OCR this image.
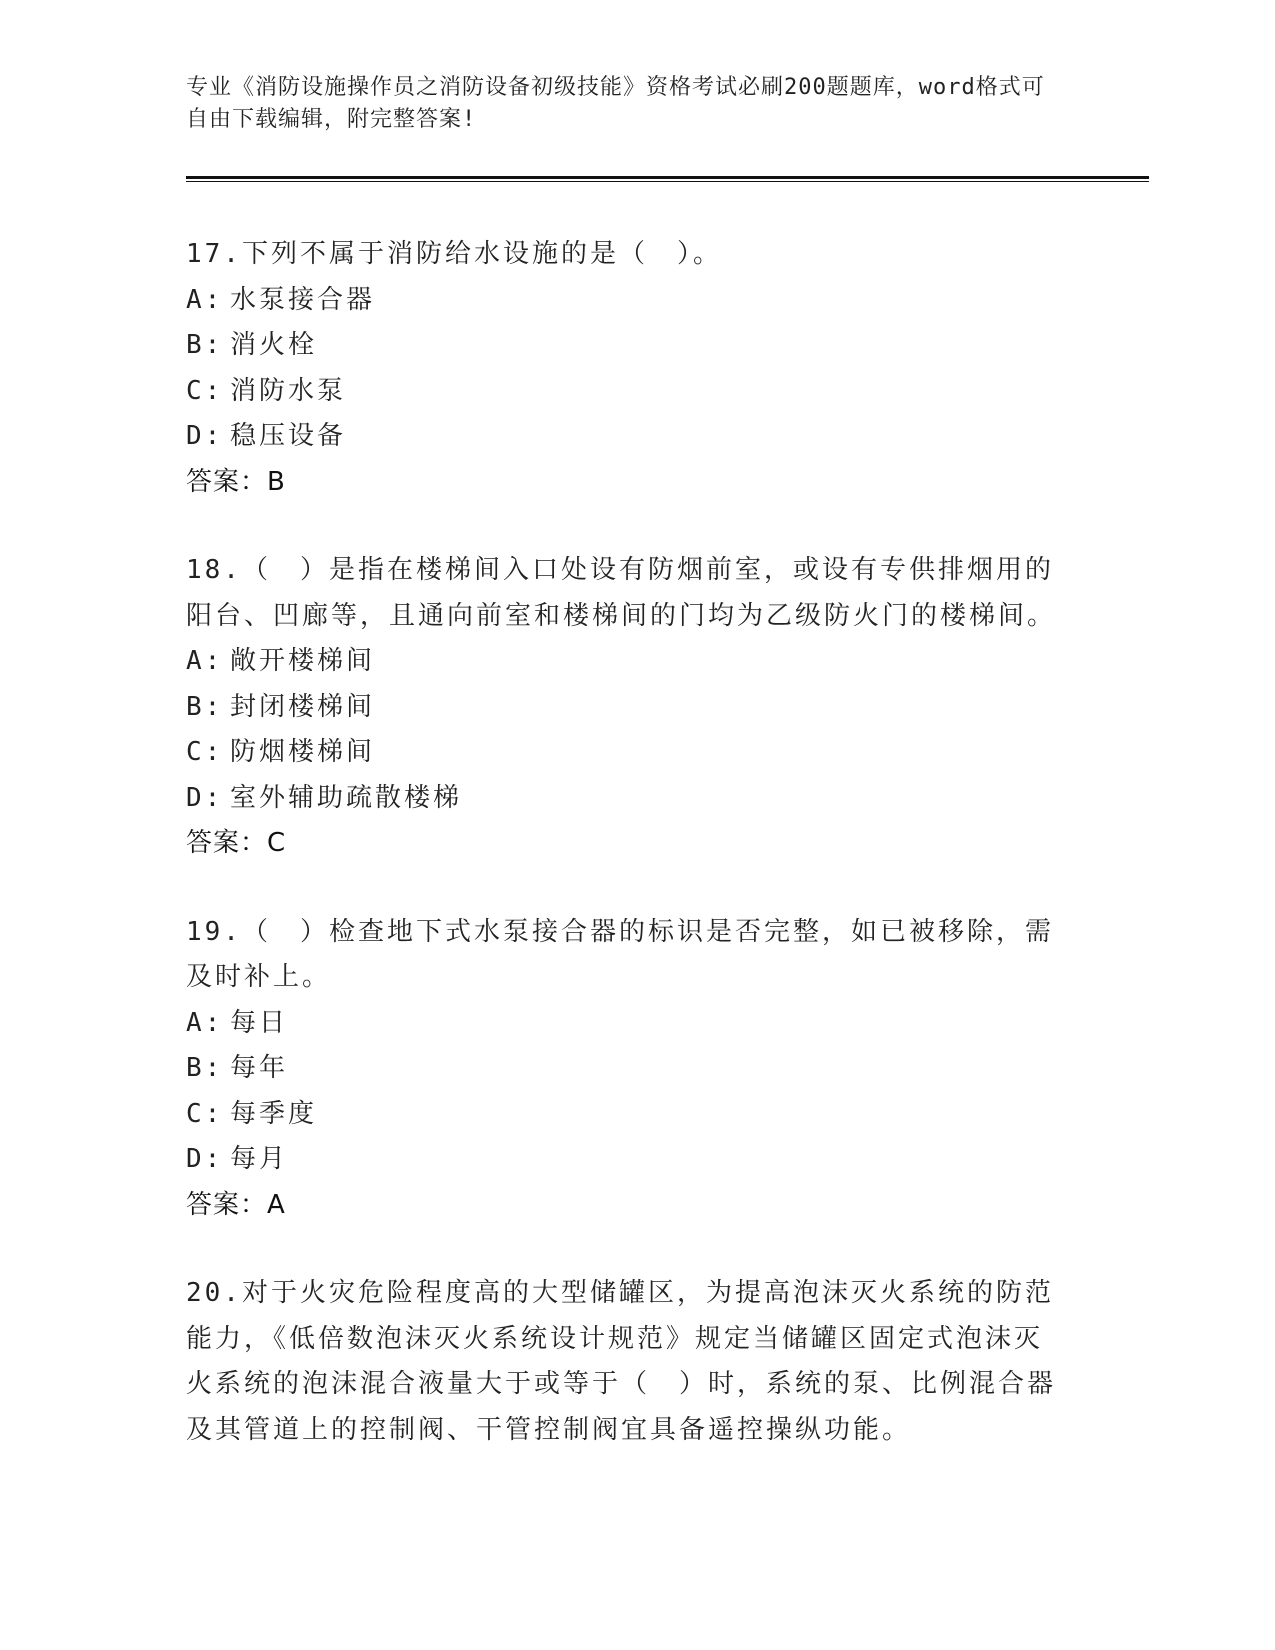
专业《消防设施操作员之消防设备初级技能》资格考试必刷200题题库，word格式可自由下载编辑，附完整答案!

17.下列不属于消防给水设施的是（　）。

A: 水泵接合器

B: 消火栓

C: 消防水泵

D: 稳压设备

答案：B

18.（　）是指在楼梯间入口处设有防烟前室，或设有专供排烟用的阳台、凹廊等，且通向前室和楼梯间的门均为乙级防火门的楼梯间。

A: 敞开楼梯间

B: 封闭楼梯间

C: 防烟楼梯间

D: 室外辅助疏散楼梯

答案：C

19.（　）检查地下式水泵接合器的标识是否完整，如已被移除，需及时补上。

A: 每日

B: 每年

C: 每季度

D: 每月

答案：A

20.对于火灾危险程度高的大型储罐区，为提高泡沫灭火系统的防范能力，《低倍数泡沫灭火系统设计规范》规定当储罐区固定式泡沫灭火系统的泡沫混合液量大于或等于（　）时，系统的泵、比例混合器及其管道上的控制阀、干管控制阀宜具备遥控操纵功能。
